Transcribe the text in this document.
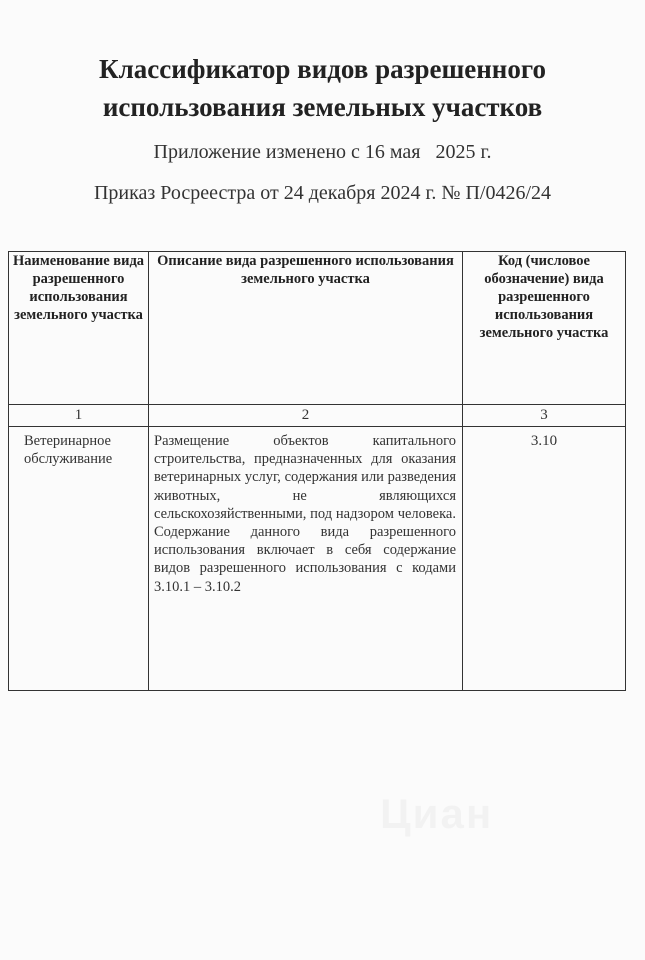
Классификатор видов разрешенного
использования земельных участков
Приложение изменено с 16 мая 2025 г.
Приказ Росреестра от 24 декабря 2024 г. № П/0426/24
Наименование вида разрешенного использования земельного участка	Описание вида разрешенного использования земельного участка	Код (числовое обозначение) вида разрешенного использования земельного участка
1	2	3
Ветеринарное обслуживание	Размещение объектов капитального строительства, предназначенных для оказания ветеринарных услуг, содержания или разведения животных, не являющихся сельскохозяйственными, под надзором человека. Содержание данного вида разрешенного использования включает в себя содержание видов разрешенного использования с кодами 3.10.1 – 3.10.2	3.10
